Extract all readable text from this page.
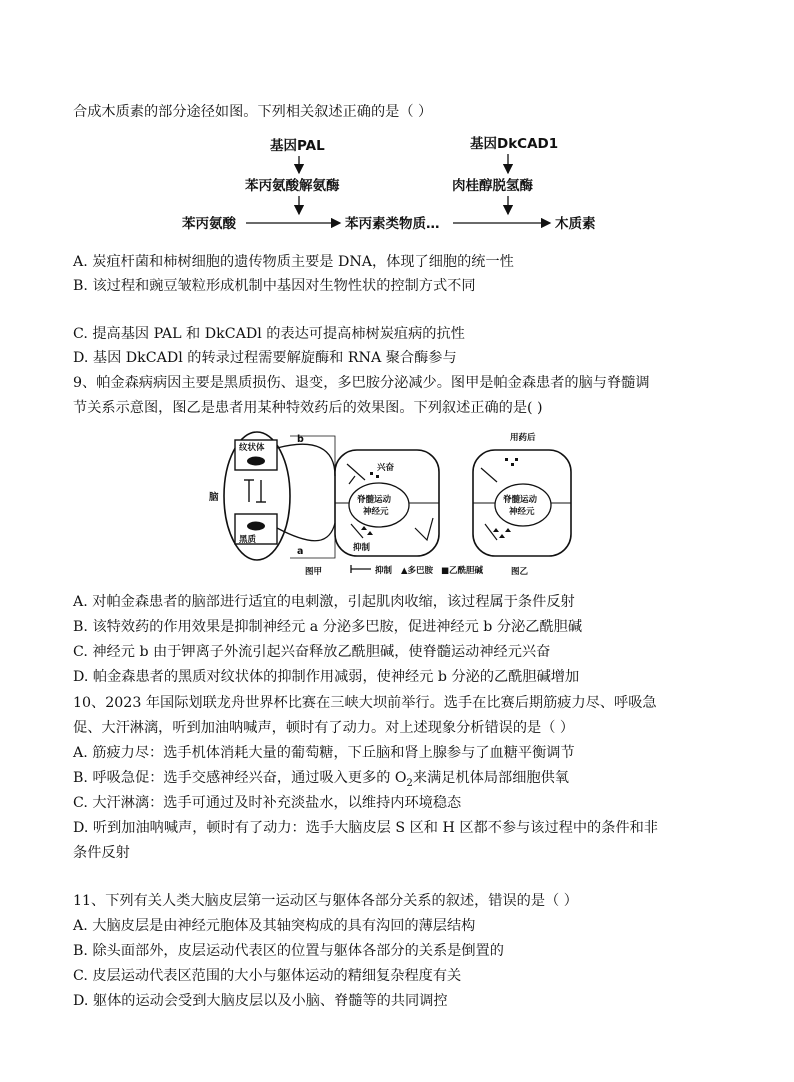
合成木质素的部分途径如图。下列相关叙述正确的是（ ）
基因PAL	基因DkCAD1
苯丙氨酸解氨酶	肉桂醇脱氢酶
苯丙氨酸	苯丙素类物质…	木质素
A. 炭疽杆菌和柿树细胞的遗传物质主要是 DNA，体现了细胞的统一性
B. 该过程和豌豆皱粒形成机制中基因对生物性状的控制方式不同
C. 提高基因 PAL 和 DkCADl 的表达可提高柿树炭疽病的抗性
D. 基因 DkCADl 的转录过程需要解旋酶和 RNA 聚合酶参与
9、帕金森病病因主要是黑质损伤、退变，多巴胺分泌减少。图甲是帕金森患者的脑与脊髓调
节关系示意图，图乙是患者用某种特效药后的效果图。下列叙述正确的是( )
脑
纹状体
黑质
b
a
脊髓运动
神经元
兴奋
抑制
脊髓运动
神经元
用药后
图甲	抑制 ▲多巴胺 ■乙酰胆碱	图乙
A. 对帕金森患者的脑部进行适宜的电刺激，引起肌肉收缩，该过程属于条件反射
B. 该特效药的作用效果是抑制神经元 a 分泌多巴胺，促进神经元 b 分泌乙酰胆碱
C. 神经元 b 由于钾离子外流引起兴奋释放乙酰胆碱，使脊髓运动神经元兴奋
D. 帕金森患者的黑质对纹状体的抑制作用减弱，使神经元 b 分泌的乙酰胆碱增加
10、2023 年国际划联龙舟世界杯比赛在三峡大坝前举行。选手在比赛后期筋疲力尽、呼吸急
促、大汗淋漓，听到加油呐喊声，顿时有了动力。对上述现象分析错误的是（ ）
A. 筋疲力尽：选手机体消耗大量的葡萄糖，下丘脑和肾上腺参与了血糖平衡调节
B. 呼吸急促：选手交感神经兴奋，通过吸入更多的 $O_2$来满足机体局部细胞供氧
C. 大汗淋漓：选手可通过及时补充淡盐水，以维持内环境稳态
D. 听到加油呐喊声，顿时有了动力：选手大脑皮层 S 区和 H 区都不参与该过程中的条件和非
条件反射
11、下列有关人类大脑皮层第一运动区与躯体各部分关系的叙述，错误的是（ ）
A. 大脑皮层是由神经元胞体及其轴突构成的具有沟回的薄层结构
B. 除头面部外，皮层运动代表区的位置与躯体各部分的关系是倒置的
C. 皮层运动代表区范围的大小与躯体运动的精细复杂程度有关
D. 躯体的运动会受到大脑皮层以及小脑、脊髓等的共同调控
